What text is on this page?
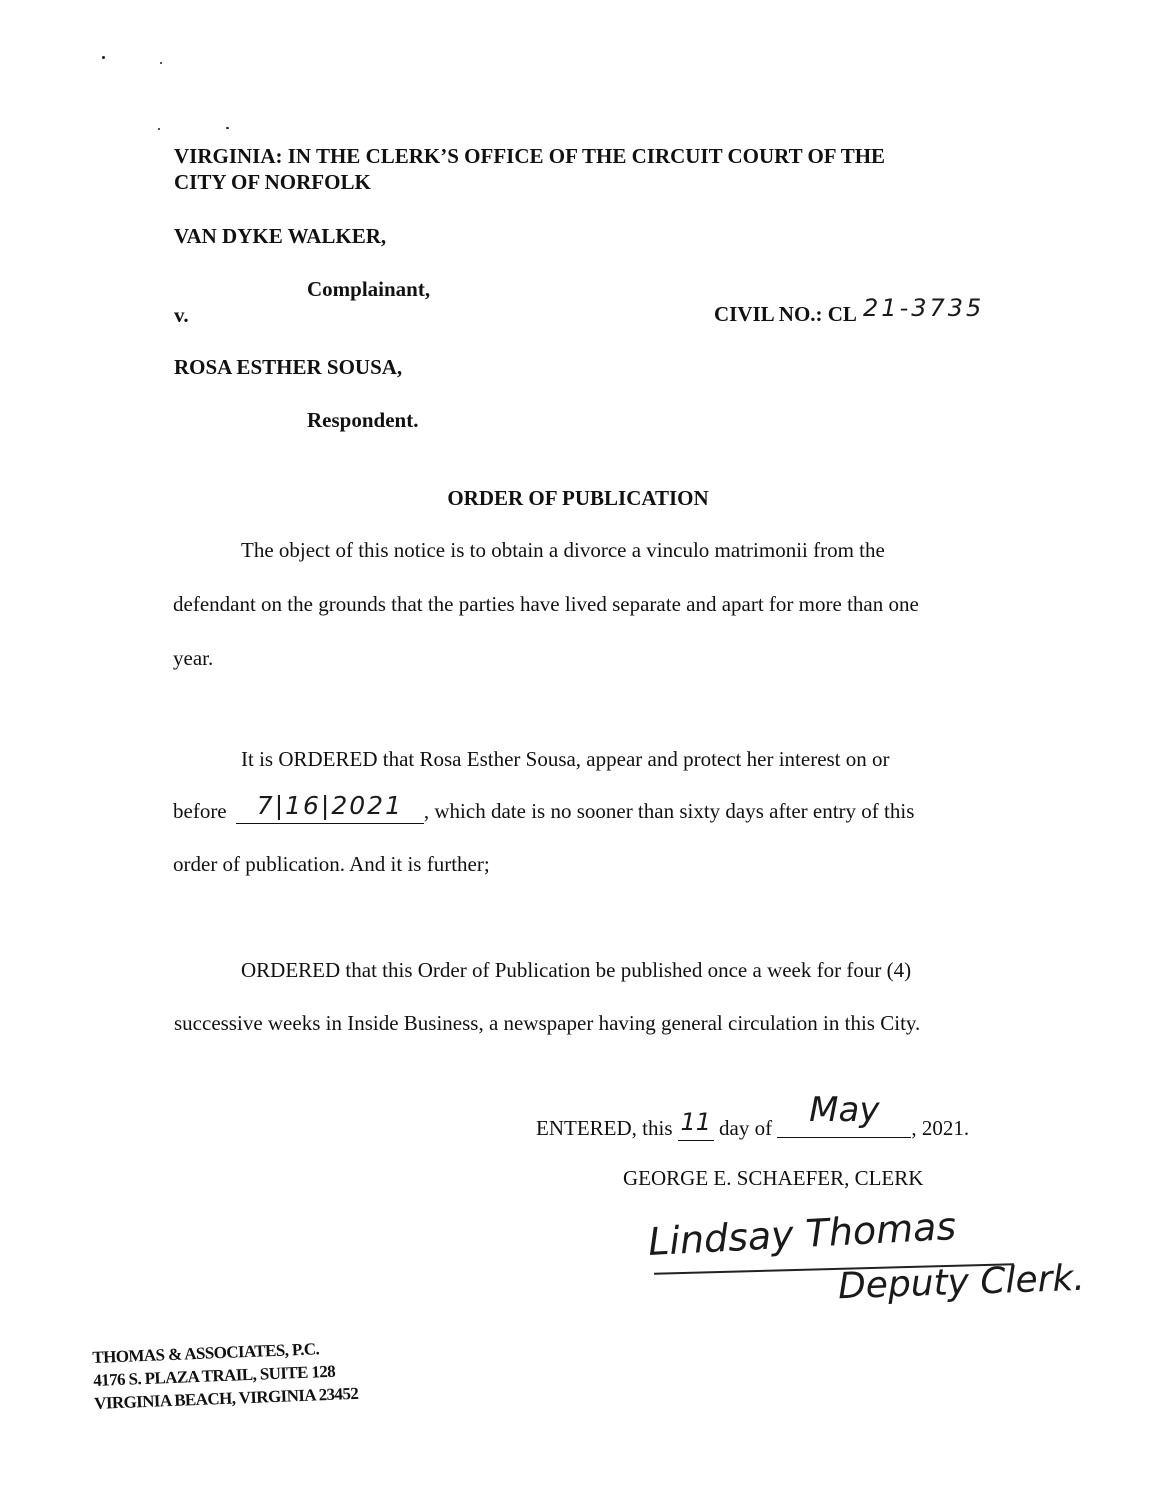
VIRGINIA: IN THE CLERK’S OFFICE OF THE CIRCUIT COURT OF THE
CITY OF NORFOLK
VAN DYKE WALKER,
Complainant,
v.	CIVIL NO.: CL 21-3735
ROSA ESTHER SOUSA,
Respondent.
ORDER OF PUBLICATION
The object of this notice is to obtain a divorce a vinculo matrimonii from the
defendant on the grounds that the parties have lived separate and apart for more than one
year.
It is ORDERED that Rosa Esther Sousa, appear and protect her interest on or
before 7|16|2021 , which date is no sooner than sixty days after entry of this
order of publication. And it is further;
ORDERED that this Order of Publication be published once a week for four (4)
successive weeks in Inside Business, a newspaper having general circulation in this City.
ENTERED, this 11 day of May , 2021.
GEORGE E. SCHAEFER, CLERK
Lindsay Thomas
Deputy Clerk.
THOMAS & ASSOCIATES, P.C.
4176 S. PLAZA TRAIL, SUITE 128
VIRGINIA BEACH, VIRGINIA 23452
